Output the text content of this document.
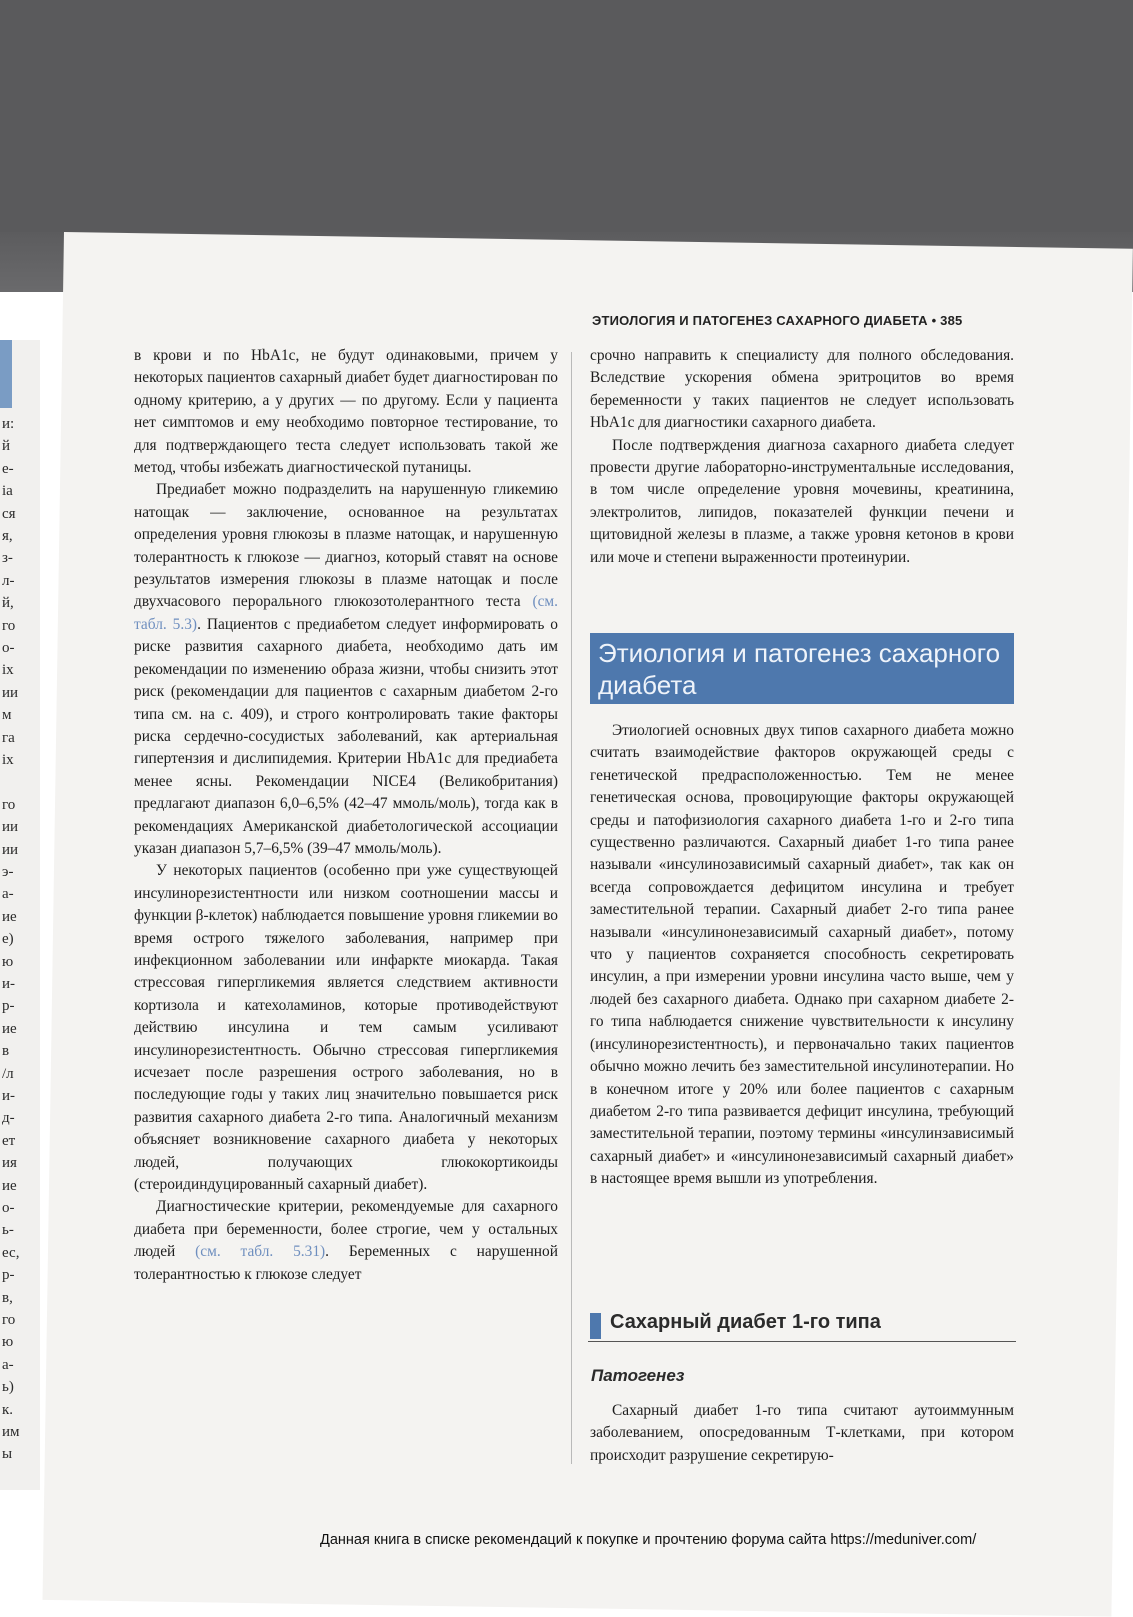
и:
й
е-
ia
ся
я,
з-
л-
й,
го
о-
іх
ии
м
га
іх
го
ии
ии
э-
а-
ие
е)
ю
и-
р-
ие
в
/л
и-
д-
ет
ия
ие
о-
ь-
ес,
р-
в,
го
ю
а-
ь)
к.
им
ы
ЭТИОЛОГИЯ И ПАТОГЕНЕЗ САХАРНОГО ДИАБЕТА • 385

в крови и по HbA1c, не будут одинаковыми, причем у некоторых пациентов сахарный диабет будет диагностирован по одному критерию, а у других — по другому. Если у пациента нет симптомов и ему необходимо повторное тестирование, то для подтверждающего теста следует использовать такой же метод, чтобы избежать диагностической путаницы.

Предиабет можно подразделить на нарушенную гликемию натощак — заключение, основанное на результатах определения уровня глюкозы в плазме натощак, и нарушенную толерантность к глюкозе — диагноз, который ставят на основе результатов измерения глюкозы в плазме натощак и после двухчасового перорального глюкозотолерантного теста (см. табл. 5.3). Пациентов с предиабетом следует информировать о риске развития сахарного диабета, необходимо дать им рекомендации по изменению образа жизни, чтобы снизить этот риск (рекомендации для пациентов с сахарным диабетом 2-го типа см. на с. 409), и строго контролировать такие факторы риска сердечно-сосудистых заболеваний, как артериальная гипертензия и дислипидемия. Критерии HbA1c для предиабета менее ясны. Рекомендации NICE4 (Великобритания) предлагают диапазон 6,0–6,5% (42–47 ммоль/моль), тогда как в рекомендациях Американской диабетологической ассоциации указан диапазон 5,7–6,5% (39–47 ммоль/моль).

У некоторых пациентов (особенно при уже существующей инсулинорезистентности или низком соотношении массы и функции β-клеток) наблюдается повышение уровня гликемии во время острого тяжелого заболевания, например при инфекционном заболевании или инфаркте миокарда. Такая стрессовая гипергликемия является следствием активности кортизола и катехоламинов, которые противодействуют действию инсулина и тем самым усиливают инсулинорезистентность. Обычно стрессовая гипергликемия исчезает после разрешения острого заболевания, но в последующие годы у таких лиц значительно повышается риск развития сахарного диабета 2-го типа. Аналогичный механизм объясняет возникновение сахарного диабета у некоторых людей, получающих глюкокортикоиды (стероидиндуцированный сахарный диабет).

Диагностические критерии, рекомендуемые для сахарного диабета при беременности, более строгие, чем у остальных людей (см. табл. 5.31). Беременных с нарушенной толерантностью к глюкозе следует

срочно направить к специалисту для полного обследования. Вследствие ускорения обмена эритроцитов во время беременности у таких пациентов не следует использовать HbA1c для диагностики сахарного диабета.

После подтверждения диагноза сахарного диабета следует провести другие лабораторно-инструментальные исследования, в том числе определение уровня мочевины, креатинина, электролитов, липидов, показателей функции печени и щитовидной железы в плазме, а также уровня кетонов в крови или моче и степени выраженности протеинурии.

Этиология и патогенез сахарного диабета

Этиологией основных двух типов сахарного диабета можно считать взаимодействие факторов окружающей среды с генетической предрасположенностью. Тем не менее генетическая основа, провоцирующие факторы окружающей среды и патофизиология сахарного диабета 1-го и 2-го типа существенно различаются. Сахарный диабет 1-го типа ранее называли «инсулинозависимый сахарный диабет», так как он всегда сопровождается дефицитом инсулина и требует заместительной терапии. Сахарный диабет 2-го типа ранее называли «инсулинонезависимый сахарный диабет», потому что у пациентов сохраняется способность секретировать инсулин, а при измерении уровни инсулина часто выше, чем у людей без сахарного диабета. Однако при сахарном диабете 2-го типа наблюдается снижение чувствительности к инсулину (инсулинорезистентность), и первоначально таких пациентов обычно можно лечить без заместительной инсулинотерапии. Но в конечном итоге у 20% или более пациентов с сахарным диабетом 2-го типа развивается дефицит инсулина, требующий заместительной терапии, поэтому термины «инсулинзависимый сахарный диабет» и «инсулинонезависимый сахарный диабет» в настоящее время вышли из употребления.

Сахарный диабет 1-го типа
Патогенез

Сахарный диабет 1-го типа считают аутоиммунным заболеванием, опосредованным Т-клетками, при котором происходит разрушение секретирую-

Данная книга в списке рекомендаций к покупке и прочтению форума сайта https://meduniver.com/
